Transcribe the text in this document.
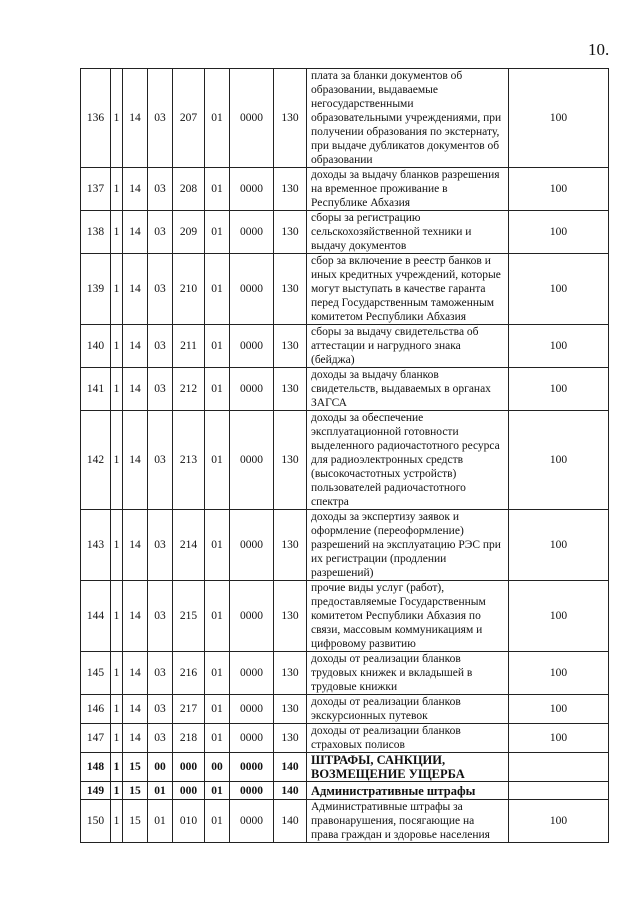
10.
136	1	14	03	207	01	0000	130	плата за бланки документов об образовании, выдаваемые негосударственными образовательными учреждениями, при получении образования по экстернату, при выдаче дубликатов документов об образовании	100
137	1	14	03	208	01	0000	130	доходы за выдачу бланков разрешения на временное проживание в Республике Абхазия	100
138	1	14	03	209	01	0000	130	сборы за регистрацию сельскохозяйственной техники и выдачу документов	100
139	1	14	03	210	01	0000	130	сбор за включение в реестр банков и иных кредитных учреждений, которые могут выступать в качестве гаранта перед Государственным таможенным комитетом Республики Абхазия	100
140	1	14	03	211	01	0000	130	сборы за выдачу свидетельства об аттестации и нагрудного знака (бейджа)	100
141	1	14	03	212	01	0000	130	доходы за выдачу бланков свидетельств, выдаваемых в органах ЗАГСА	100
142	1	14	03	213	01	0000	130	доходы за обеспечение эксплуатационной готовности выделенного радиочастотного ресурса для радиоэлектронных средств (высокочастотных устройств) пользователей радиочастотного спектра	100
143	1	14	03	214	01	0000	130	доходы за экспертизу заявок и оформление (переоформление) разрешений на эксплуатацию РЭС при их регистрации (продлении разрешений)	100
144	1	14	03	215	01	0000	130	прочие виды услуг (работ), предоставляемые Государственным комитетом Республики Абхазия по связи, массовым коммуникациям и цифровому развитию	100
145	1	14	03	216	01	0000	130	доходы от реализации бланков трудовых книжек и вкладышей в трудовые книжки	100
146	1	14	03	217	01	0000	130	доходы от реализации бланков экскурсионных путевок	100
147	1	14	03	218	01	0000	130	доходы от реализации бланков страховых полисов	100
148	1	15	00	000	00	0000	140	ШТРАФЫ, САНКЦИИ, ВОЗМЕЩЕНИЕ УЩЕРБА	
149	1	15	01	000	01	0000	140	Административные штрафы	
150	1	15	01	010	01	0000	140	Административные штрафы за правонарушения, посягающие на права граждан и здоровье населения	100
